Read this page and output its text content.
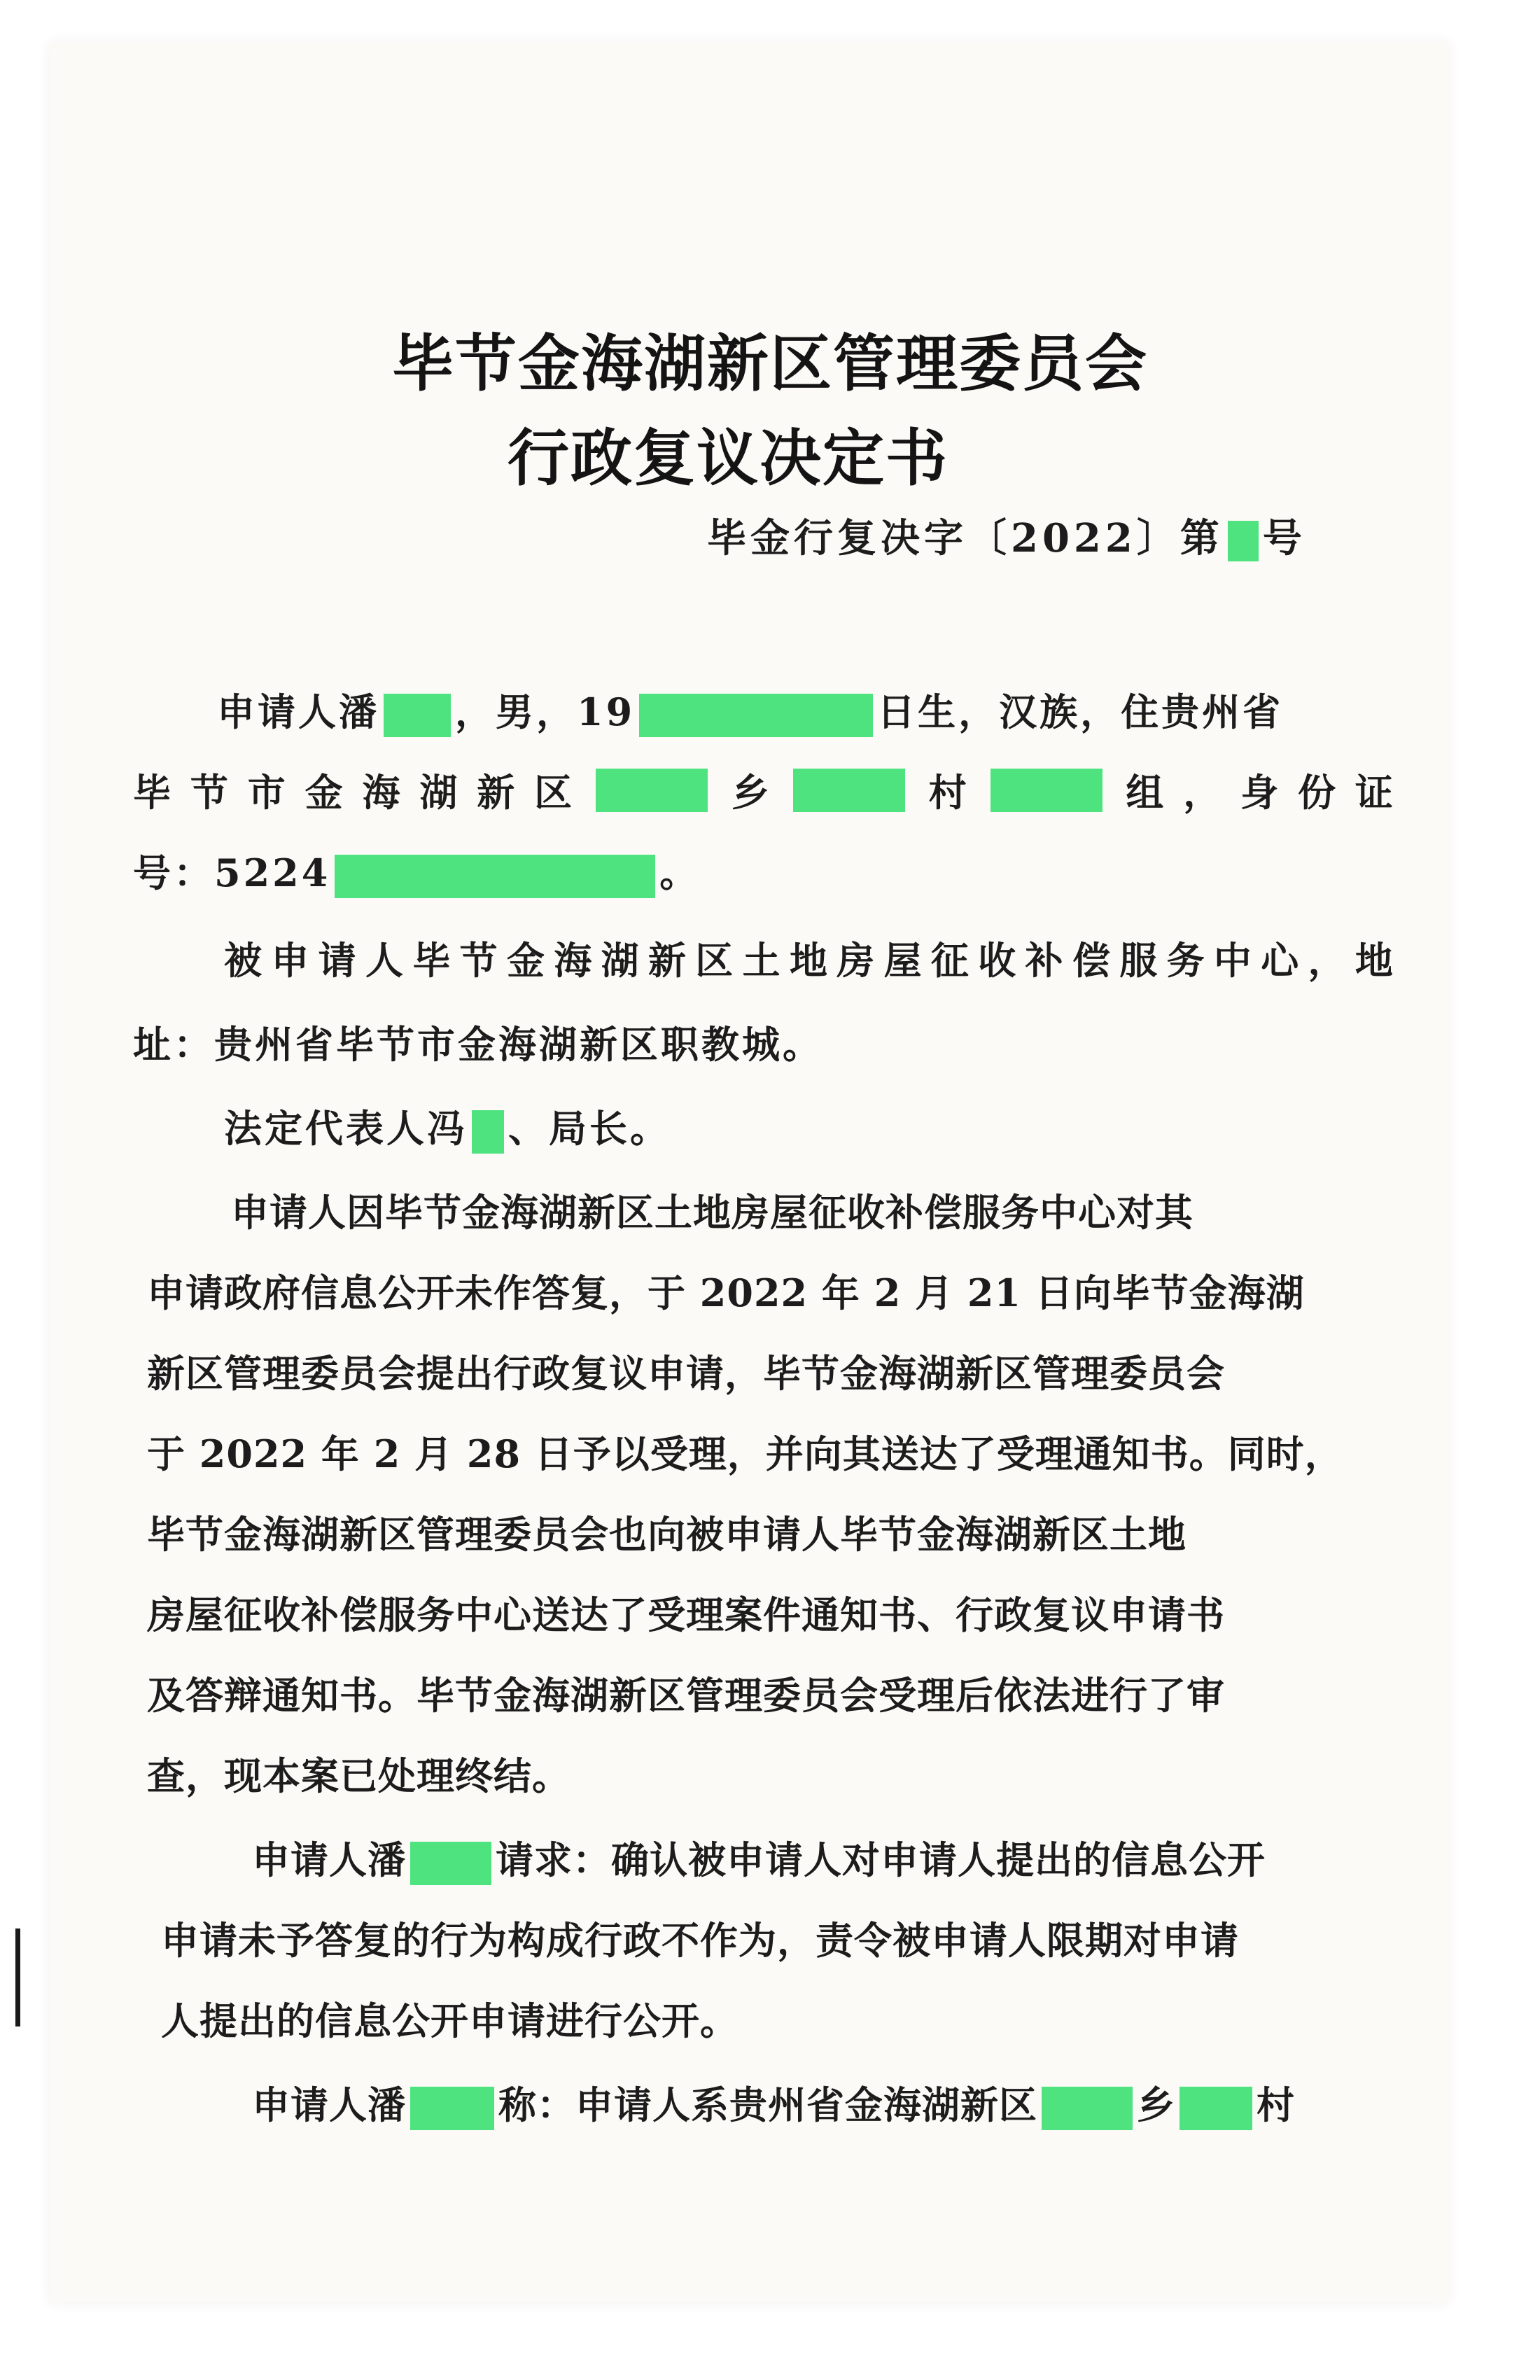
毕节金海湖新区管理委员会
行政复议决定书
毕金行复决字〔2022〕第 号
申请人潘 ，男，19	日生，汉族，住贵州省
毕 节 市 金 海 湖 新 区	乡	村	组 ， 身 份 证
号：5224	。
被 申 请 人 毕 节 金 海 湖 新 区 土 地 房 屋 征 收 补 偿 服 务 中 心 ， 地
址：贵州省毕节市金海湖新区职教城。
法定代表人冯 、局长。
申请人因毕节金海湖新区土地房屋征收补偿服务中心对其
申请政府信息公开未作答复，于 2022 年 2 月 21 日向毕节金海湖
新区管理委员会提出行政复议申请，毕节金海湖新区管理委员会
于 2022 年 2 月 28 日予以受理，并向其送达了受理通知书。同时，
毕节金海湖新区管理委员会也向被申请人毕节金海湖新区土地
房屋征收补偿服务中心送达了受理案件通知书、行政复议申请书
及答辩通知书。毕节金海湖新区管理委员会受理后依法进行了审
查，现本案已处理终结。
申请人潘 请求：确认被申请人对申请人提出的信息公开
申请未予答复的行为构成行政不作为，责令被申请人限期对申请
人提出的信息公开申请进行公开。
申请人潘 称：申请人系贵州省金海湖新区	乡 村
